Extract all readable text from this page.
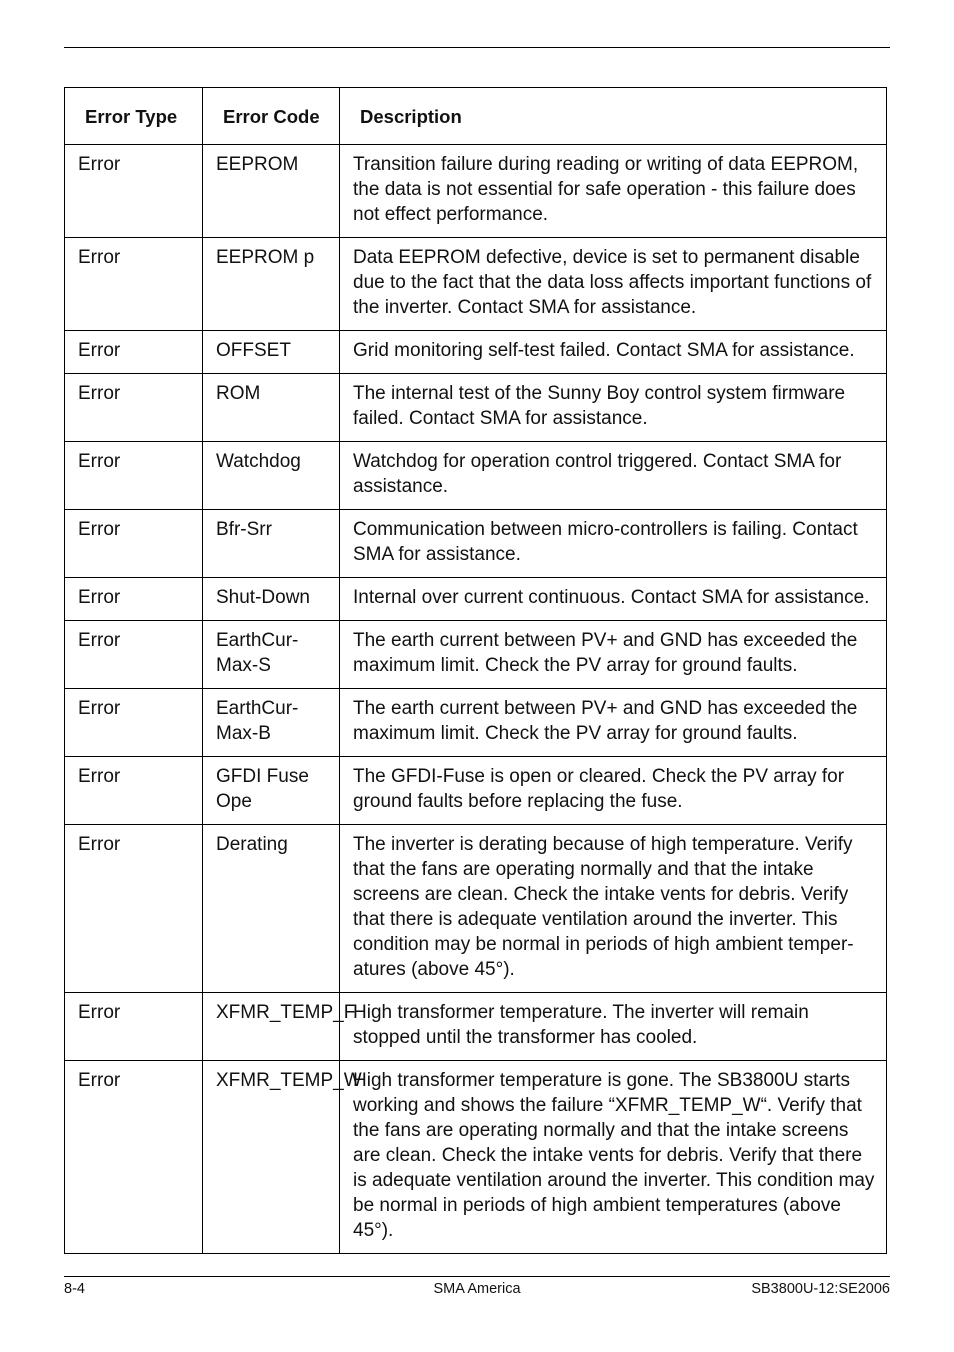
Error Type	Error Code	Description
Error	EEPROM	Transition failure during reading or writing of data EEPROM, the data is not essential for safe operation - this failure does not effect performance.
Error	EEPROM p	Data EEPROM defective, device is set to permanent disable due to the fact that the data loss affects important functions of the inverter. Contact SMA for assistance.
Error	OFFSET	Grid monitoring self-test failed. Contact SMA for assistance.
Error	ROM	The internal test of the Sunny Boy control system firmware failed. Contact SMA for assistance.
Error	Watchdog	Watchdog for operation control triggered. Contact SMA for assistance.
Error	Bfr-Srr	Communication between micro-controllers is failing. Contact SMA for assistance.
Error	Shut-Down	Internal over current continuous. Contact SMA for assistance.
Error	EarthCur-Max-S	The earth current between PV+ and GND has exceeded the maximum limit. Check the PV array for ground faults.
Error	EarthCur-Max-B	The earth current between PV+ and GND has exceeded the maximum limit. Check the PV array for ground faults.
Error	GFDI Fuse Ope	The GFDI-Fuse is open or cleared. Check the PV array for ground faults before replacing the fuse.
Error	Derating	The inverter is derating because of high temperature. Verify that the fans are operating normally and that the intake screens are clean. Check the intake vents for debris. Verify that there is adequate ventilation around the inverter. This condition may be normal in periods of high ambient temper-atures (above 45°).
Error	XFMR_TEMP_F	High transformer temperature. The inverter will remain stopped until the transformer has cooled.
Error	XFMR_TEMP_W	High transformer temperature is gone. The SB3800U starts working and shows the failure “XFMR_TEMP_W“. Verify that the fans are operating normally and that the intake screens are clean. Check the intake vents for debris. Verify that there is adequate ventilation around the inverter. This condition may be normal in periods of high ambient temperatures (above 45°).
8-4	SMA America	SB3800U-12:SE2006
